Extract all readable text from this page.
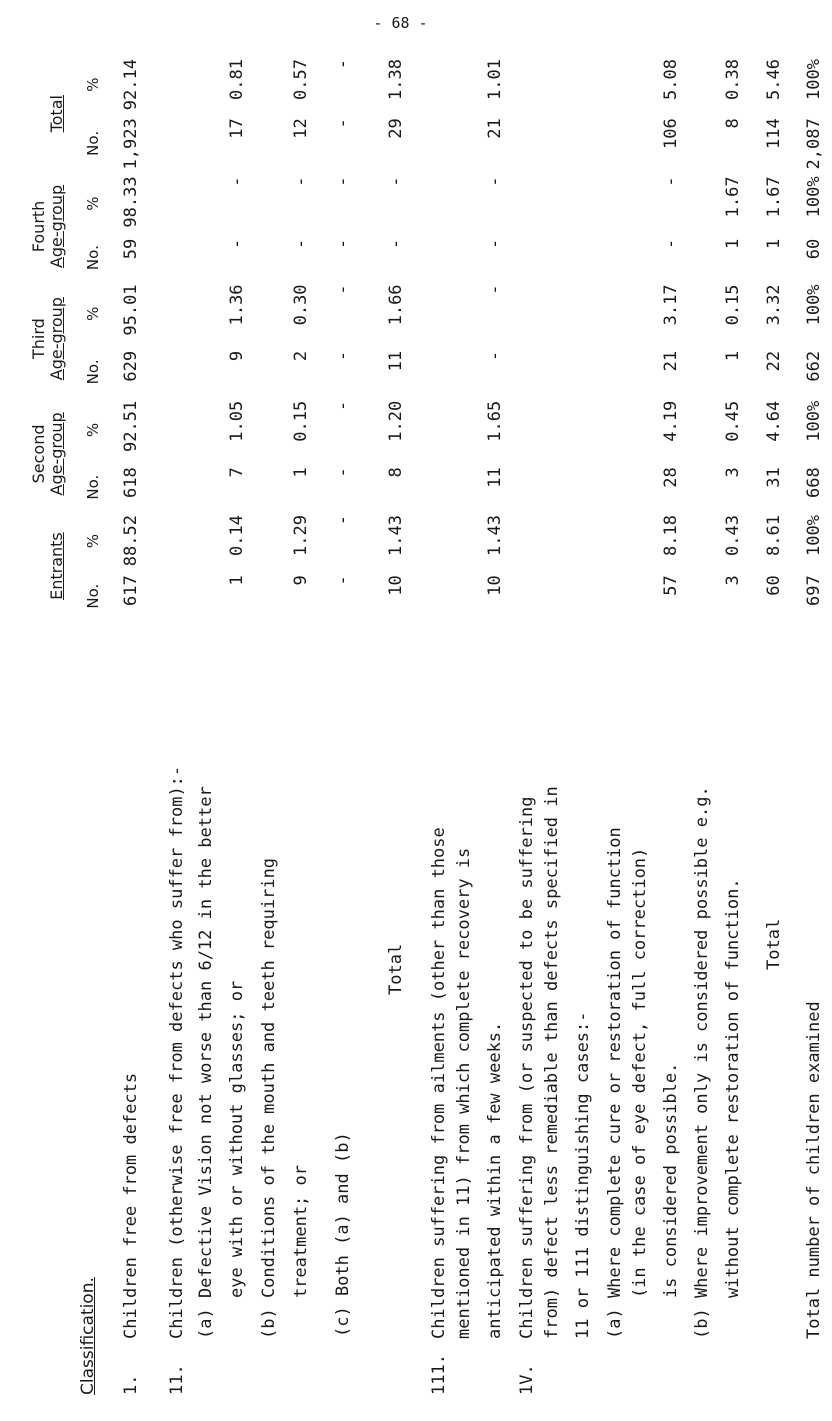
- 68 -
Classification.	Entrants		Second
Age-group		Third
Age-group		Fourth
Age-group		Total	
	No.	%	No.	%	No.	%	No.	%	No.	%
1.Children free from defects	617	88.52	618	92.51	629	95.01	59	98.33	1,923	92.14
11.Children (otherwise free from defects who suffer from):-										
(a) Defective Vision not worse than 6/12 in the better										
eye with or without glasses; or	1	0.14	7	1.05	9	1.36	-	-	17	0.81
(b) Conditions of the mouth and teeth requiring										
treatment; or	9	1.29	1	0.15	2	0.30	-	-	12	0.57
(c) Both (a) and (b)	-	-	-	-	-	-	-	-	-	-
Total	10	1.43	8	1.20	11	1.66	-	-	29	1.38
111.Children suffering from ailments (other than those										
mentioned in 11) from which complete recovery is										
anticipated within a few weeks.	10	1.43	11	1.65	-	-	-	-	21	1.01
1V.Children suffering from (or suspected to be suffering										
from) defect less remediable than defects specified in										
11 or 111 distinguishing cases:-										
(a) Where complete cure or restoration of function										
(in the case of eye defect, full correction)										
is considered possible.	57	8.18	28	4.19	21	3.17	-	-	106	5.08
(b) Where improvement only is considered possible e.g.										
without complete restoration of function.	3	0.43	3	0.45	1	0.15	1	1.67	8	0.38
Total	60	8.61	31	4.64	22	3.32	1	1.67	114	5.46
Total number of children examined	697	100%	668	100%	662	100%	60	100%	2,087	100%
